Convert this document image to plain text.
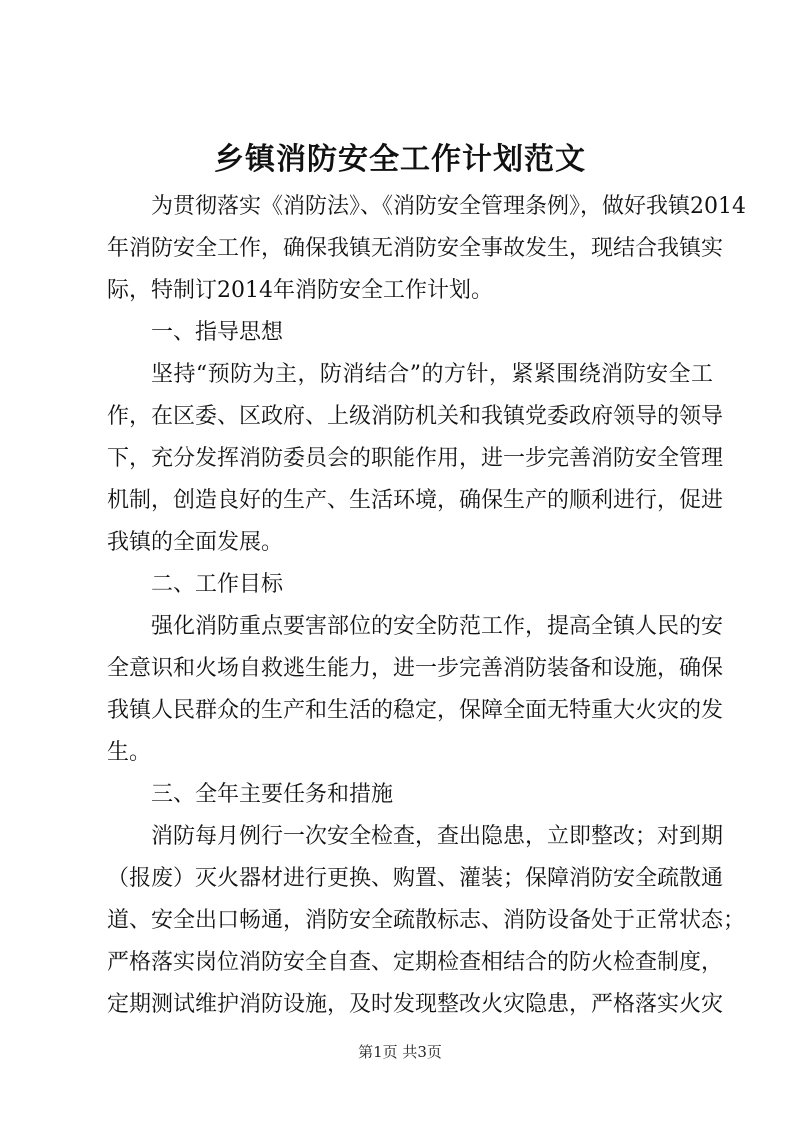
乡镇消防安全工作计划范文
为贯彻落实《消防法》、《消防安全管理条例》，做好我镇2014
年消防安全工作，确保我镇无消防安全事故发生，现结合我镇实
际，特制订2014年消防安全工作计划。
一、指导思想
坚持“预防为主，防消结合”的方针，紧紧围绕消防安全工
作，在区委、区政府、上级消防机关和我镇党委政府领导的领导
下，充分发挥消防委员会的职能作用，进一步完善消防安全管理
机制，创造良好的生产、生活环境，确保生产的顺利进行，促进
我镇的全面发展。
二、工作目标
强化消防重点要害部位的安全防范工作，提高全镇人民的安
全意识和火场自救逃生能力，进一步完善消防装备和设施，确保
我镇人民群众的生产和生活的稳定，保障全面无特重大火灾的发
生。
三、全年主要任务和措施
消防每月例行一次安全检查，查出隐患，立即整改；对到期
（报废）灭火器材进行更换、购置、灌装；保障消防安全疏散通
道、安全出口畅通，消防安全疏散标志、消防设备处于正常状态；
严格落实岗位消防安全自查、定期检查相结合的防火检查制度，
定期测试维护消防设施，及时发现整改火灾隐患，严格落实火灾
第1页 共3页
